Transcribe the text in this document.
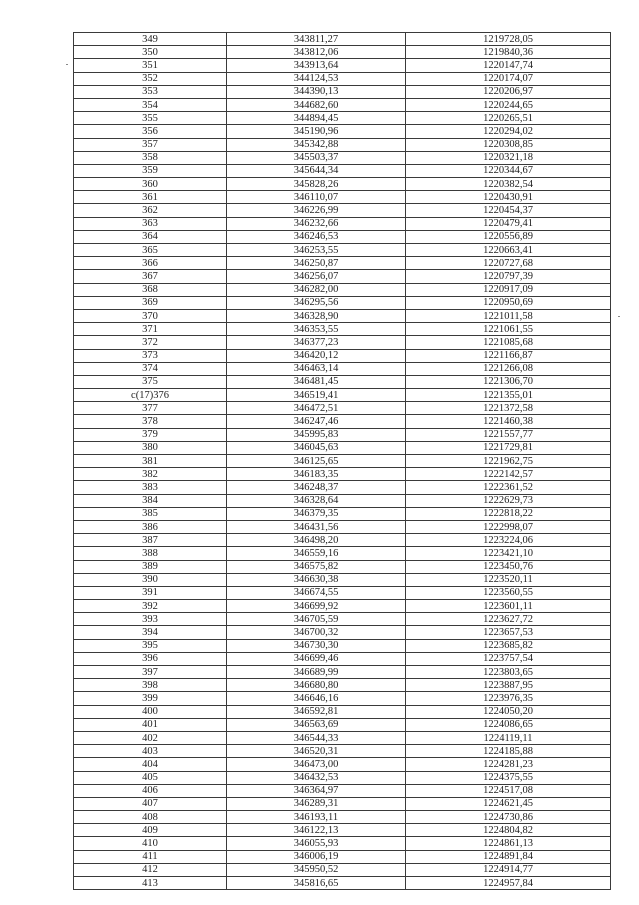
349	343811,27	1219728,05
350	343812,06	1219840,36
351	343913,64	1220147,74
352	344124,53	1220174,07
353	344390,13	1220206,97
354	344682,60	1220244,65
355	344894,45	1220265,51
356	345190,96	1220294,02
357	345342,88	1220308,85
358	345503,37	1220321,18
359	345644,34	1220344,67
360	345828,26	1220382,54
361	346110,07	1220430,91
362	346226,99	1220454,37
363	346232,66	1220479,41
364	346246,53	1220556,89
365	346253,55	1220663,41
366	346250,87	1220727,68
367	346256,07	1220797,39
368	346282,00	1220917,09
369	346295,56	1220950,69
370	346328,90	1221011,58
371	346353,55	1221061,55
372	346377,23	1221085,68
373	346420,12	1221166,87
374	346463,14	1221266,08
375	346481,45	1221306,70
с(17)376	346519,41	1221355,01
377	346472,51	1221372,58
378	346247,46	1221460,38
379	345995,83	1221557,77
380	346045,63	1221729,81
381	346125,65	1221962,75
382	346183,35	1222142,57
383	346248,37	1222361,52
384	346328,64	1222629,73
385	346379,35	1222818,22
386	346431,56	1222998,07
387	346498,20	1223224,06
388	346559,16	1223421,10
389	346575,82	1223450,76
390	346630,38	1223520,11
391	346674,55	1223560,55
392	346699,92	1223601,11
393	346705,59	1223627,72
394	346700,32	1223657,53
395	346730,30	1223685,82
396	346699,46	1223757,54
397	346689,99	1223803,65
398	346680,80	1223887,95
399	346646,16	1223976,35
400	346592,81	1224050,20
401	346563,69	1224086,65
402	346544,33	1224119,11
403	346520,31	1224185,88
404	346473,00	1224281,23
405	346432,53	1224375,55
406	346364,97	1224517,08
407	346289,31	1224621,45
408	346193,11	1224730,86
409	346122,13	1224804,82
410	346055,93	1224861,13
411	346006,19	1224891,84
412	345950,52	1224914,77
413	345816,65	1224957,84
